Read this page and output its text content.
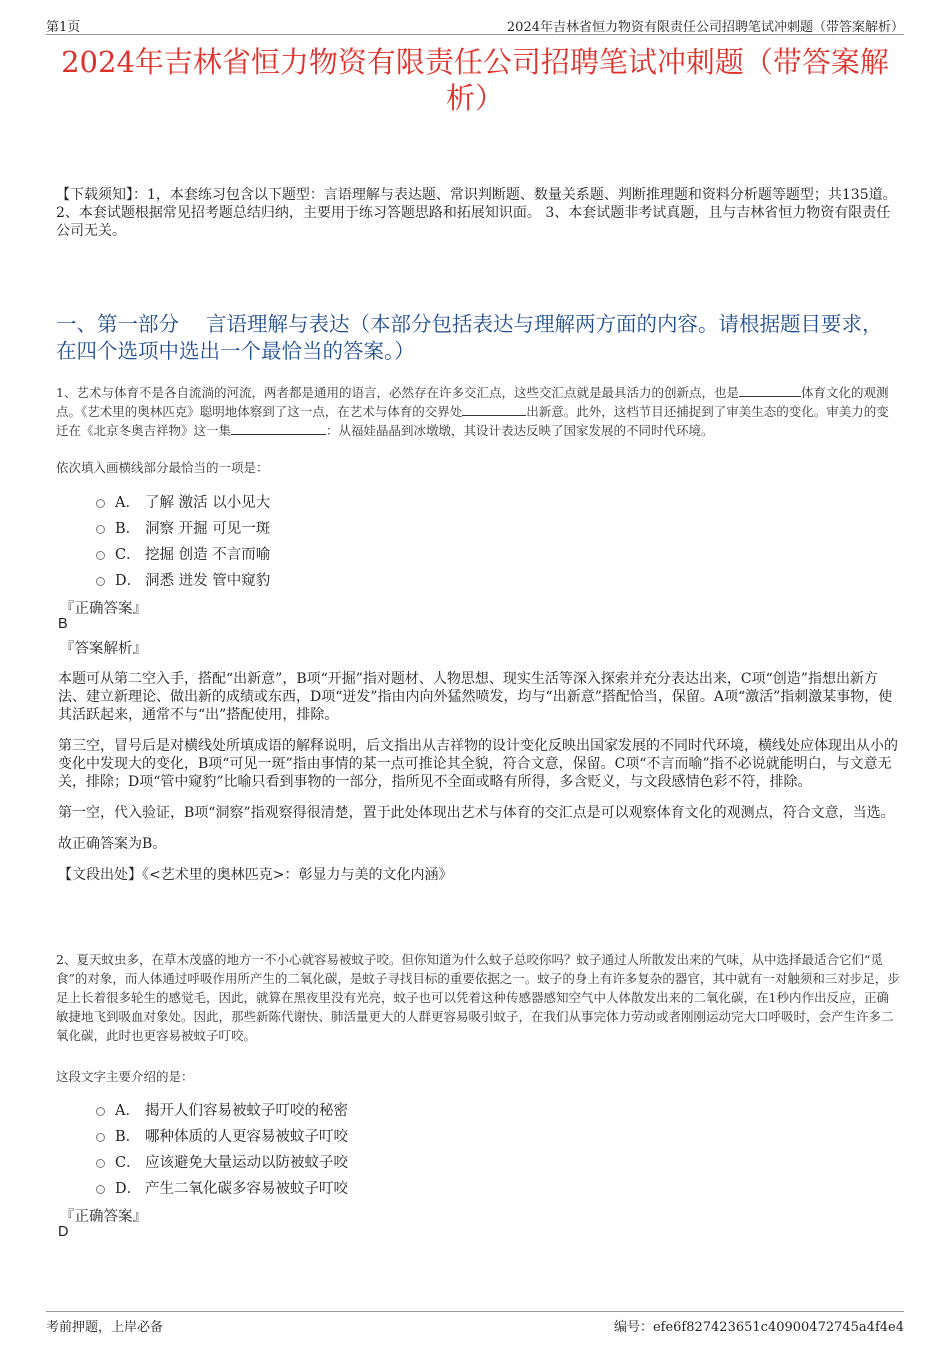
第1页	2024年吉林省恒力物资有限责任公司招聘笔试冲刺题（带答案解析）
2024年吉林省恒力物资有限责任公司招聘笔试冲刺题（带答案解析）
【下载须知】：1，本套练习包含以下题型：言语理解与表达题、常识判断题、数量关系题、判断推理题和资料分析题等题型；共135道。 2、本套试题根据常见招考题总结归纳，主要用于练习答题思路和拓展知识面。 3、本套试题非考试真题，且与吉林省恒力物资有限责任公司无关。
一、第一部分　 言语理解与表达（本部分包括表达与理解两方面的内容。请根据题目要求，在四个选项中选出一个最恰当的答案。）
1、艺术与体育不是各自流淌的河流，两者都是通用的语言，必然存在许多交汇点，这些交汇点就是最具活力的创新点，也是	体育文化的观测点。《艺术里的奥林匹克》聪明地体察到了这一点，在艺术与体育的交界处	出新意。此外，这档节目还捕捉到了审美生态的变化。审美力的变迁在《北京冬奥吉祥物》这一集	：从福娃晶晶到冰墩墩，其设计表达反映了国家发展的不同时代环境。
依次填入画横线部分最恰当的一项是：
A． 了解 激活 以小见大
B． 洞察 开掘 可见一斑
C． 挖掘 创造 不言而喻
D． 洞悉 迸发 管中窥豹
『正确答案』
B
『答案解析』

本题可从第二空入手，搭配“出新意”，B项“开掘”指对题材、人物思想、现实生活等深入探索并充分表达出来，C项“创造”指想出新方法、建立新理论、做出新的成绩或东西，D项“迸发”指由内向外猛然喷发，均与“出新意”搭配恰当，保留。A项“激活”指刺激某事物，使其活跃起来，通常不与“出”搭配使用，排除。

第三空，冒号后是对横线处所填成语的解释说明，后文指出从吉祥物的设计变化反映出国家发展的不同时代环境，横线处应体现出从小的变化中发现大的变化，B项“可见一斑”指由事情的某一点可推论其全貌，符合文意，保留。C项“不言而喻”指不必说就能明白，与文意无关，排除；D项“管中窥豹”比喻只看到事物的一部分，指所见不全面或略有所得，多含贬义，与文段感情色彩不符，排除。

第一空，代入验证，B项“洞察”指观察得很清楚，置于此处体现出艺术与体育的交汇点是可以观察体育文化的观测点，符合文意，当选。

故正确答案为B。

【文段出处】《<艺术里的奥林匹克>：彰显力与美的文化内涵》

2、夏天蚊虫多，在草木茂盛的地方一不小心就容易被蚊子咬。但你知道为什么蚊子总咬你吗？蚊子通过人所散发出来的气味，从中选择最适合它们“觅食”的对象，而人体通过呼吸作用所产生的二氧化碳，是蚊子寻找目标的重要依据之一。蚊子的身上有许多复杂的器官，其中就有一对触须和三对步足，步足上长着很多轮生的感觉毛，因此，就算在黑夜里没有光亮，蚊子也可以凭着这种传感器感知空气中人体散发出来的二氧化碳，在1秒内作出反应，正确敏捷地飞到吸血对象处。因此，那些新陈代谢快、肺活量更大的人群更容易吸引蚊子，在我们从事完体力劳动或者刚刚运动完大口呼吸时，会产生许多二氧化碳，此时也更容易被蚊子叮咬。
这段文字主要介绍的是：
A． 揭开人们容易被蚊子叮咬的秘密
B． 哪种体质的人更容易被蚊子叮咬
C． 应该避免大量运动以防被蚊子咬
D． 产生二氧化碳多容易被蚊子叮咬
『正确答案』
D
考前押题，上岸必备	编号：efe6f827423651c40900472745a4f4e4
